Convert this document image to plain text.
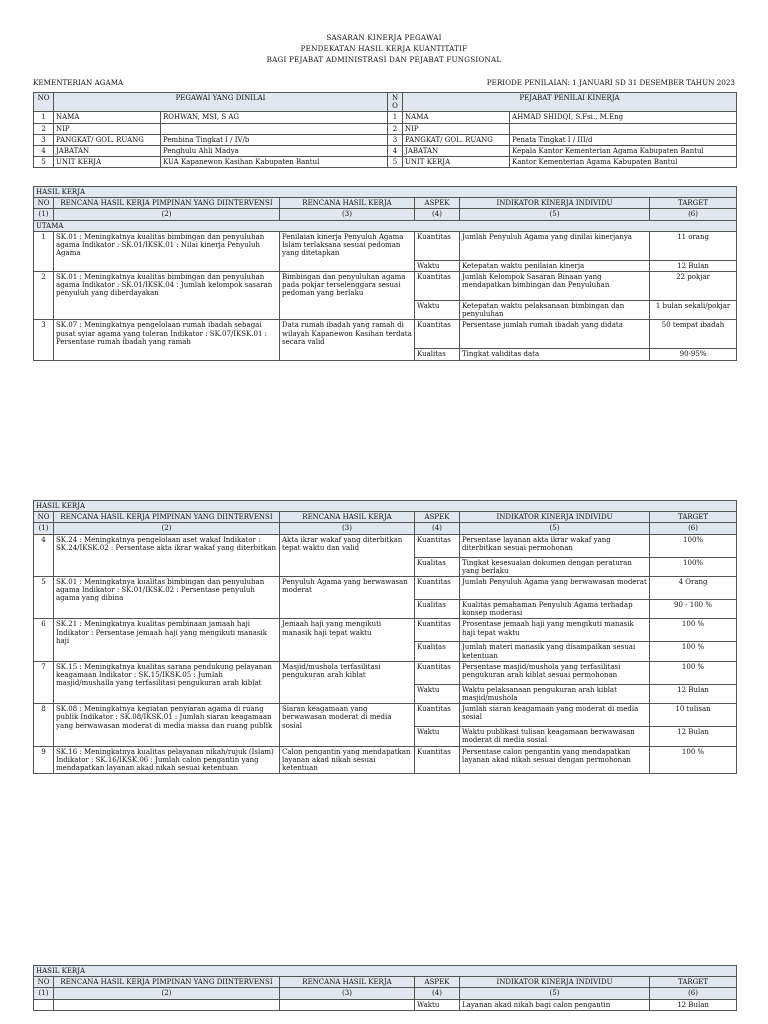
SASARAN KINERJA PEGAWAI
PENDEKATAN HASIL KERJA KUANTITATIF
BAGI PEJABAT ADMINISTRASI DAN PEJABAT FUNGSIONAL
KEMENTERIAN AGAMA	PERIODE PENILAIAN: 1 JANUARI SD 31 DESEMBER TAHUN 2023
NO	PEGAWAI YANG DINILAI		NO	PEJABAT PENILAI KINERJA	
1	NAMA	ROHWAN, MSI, S AG	1	NAMA	AHMAD SHIDQI, S.Fsi., M.Eng
2	NIP		2	NIP	
3	PANGKAT/ GOL. RUANG	Pembina Tingkat I / IV/b	3	PANGKAT/ GOL. RUANG	Penata Tingkat I / III/d
4	JABATAN	Penghulu Ahli Madya	4	JABATAN	Kepala Kantor Kementerian Agama Kabupaten Bantul
5	UNIT KERJA	KUA Kapanewon Kasihan Kabupaten Bantul	5	UNIT KERJA	Kantor Kementerian Agama Kabupaten Bantul
HASIL KERJA					
NO	RENCANA HASIL KERJA PIMPINAN YANG DIINTERVENSI	RENCANA HASIL KERJA	ASPEK	INDIKATOR KINERJA INDIVIDU	TARGET
(1)	(2)	(3)	(4)	(5)	(6)
UTAMA					
1	SK.01 : Meningkatnya kualitas bimbingan dan penyuluhan agama Indikator : SK.01/IKSK.01 : Nilai kinerja Penyuluh Agama	Penilaian kinerja Penyuluh Agama Islam terlaksana sesuai pedoman yang ditetapkan	Kuantitas	Jumlah Penyuluh Agama yang dinilai kinerjanya	11 orang
			Waktu	Ketepatan waktu penilaian kinerja	12 Bulan
2	SK.01 : Meningkatnya kualitas bimbingan dan penyuluhan agama Indikator : SK.01/IKSK.04 : Jumlah kelompok sasaran penyuluh yang diberdayakan	Bimbingan dan penyuluhan agama pada pokjar terselenggara sesuai pedoman yang berlaku	Kuantitas	Jumlah Kelompok Sasaran Binaan yang mendapatkan bimbingan dan Penyuluhan	22 pokjar
			Waktu	Ketepatan waktu pelaksanaan bimbingan dan penyuluhan	1 bulan sekali/pokjar
3	SK.07 : Meningkatnya pengelolaan rumah ibadah sebagai pusat syiar agama yang toleran Indikator : SK.07/IKSK.01 : Persentase rumah ibadah yang ramah	Data rumah ibadah yang ramah di wilayah Kapanewon Kasihan terdata secara valid	Kuantitas	Persentase jumlah rumah ibadah yang didata	50 tempat ibadah
			Kualitas	Tingkat validitas data	90-95%
HASIL KERJA					
NO	RENCANA HASIL KERJA PIMPINAN YANG DIINTERVENSI	RENCANA HASIL KERJA	ASPEK	INDIKATOR KINERJA INDIVIDU	TARGET
(1)	(2)	(3)	(4)	(5)	(6)
4	SK.24 : Meningkatnya pengelolaan aset wakaf Indikator : SK.24/IKSK.02 : Persentase akta ikrar wakaf yang diterbitkan	Akta ikrar wakaf yang diterbitkan tepat waktu dan valid	Kuantitas	Persentase layanan akta ikrar wakaf yang diterbitkan sesuai permohonan	100%
			Kualitas	Tingkat kesesuaian dokumen dengan peraturan yang berlaku	100%
5	SK.01 : Meningkatnya kualitas bimbingan dan penyuluhan agama Indikator : SK.01/IKSK.02 : Persentase penyuluh agama yang dibina	Penyuluh Agama yang berwawasan moderat	Kuantitas	Jumlah Penyuluh Agama yang berwawasan moderat	4 Orang
			Kualitas	Kualitas pemahaman Penyuluh Agama terhadap konsep moderasi	90 - 100 %
6	SK.21 : Meningkatnya kualitas pembinaan jamaah haji Indikator : Persentase jemaah haji yang mengikuti manasik haji	Jemaah haji yang mengikuti manasik haji tepat waktu	Kuantitas	Prosentase jemaah haji yang mengikuti manasik haji tepat waktu	100 %
			Kualitas	Jumlah materi manasik yang disampaikan sesuai ketentuan	100 %
7	SK.15 : Meningkatnya kualitas sarana pendukung pelayanan keagamaan Indikator : SK.15/IKSK.05 : Jumlah masjid/mushalla yang terfasilitasi pengukuran arah kiblat	Masjid/mushola terfasilitasi pengukuran arah kiblat	Kuantitas	Persentase masjid/mushola yang terfasilitasi pengukuran arah kiblat sesuai permohonan	100 %
			Waktu	Waktu pelaksanaan pengukuran arah kiblat masjid/mushola	12 Bulan
8	SK.08 : Meningkatnya kegiatan penyiaran agama di ruang publik Indikator : SK.08/IKSK.01 : Jumlah siaran keagamaan yang berwawasan moderat di media massa dan ruang publik	Siaran keagamaan yang berwawasan moderat di media sosial	Kuantitas	Jumlah siaran keagamaan yang moderat di media sosial	10 tulisan
			Waktu	Waktu publikasi tulisan keagamaan berwawasan moderat di media sosial	12 Bulan
9	SK.16 : Meningkatnya kualitas pelayanan nikah/rujuk (Islam) Indikator : SK.16/IKSK.06 : Jumlah calon pengantin yang mendapatkan layanan akad nikah sesuai ketentuan	Calon pengantin yang mendapatkan layanan akad nikah sesuai ketentuan	Kuantitas	Persentase calon pengantin yang mendapatkan layanan akad nikah sesuai dengan permohonan	100 %
HASIL KERJA					
NO	RENCANA HASIL KERJA PIMPINAN YANG DIINTERVENSI	RENCANA HASIL KERJA	ASPEK	INDIKATOR KINERJA INDIVIDU	TARGET
(1)	(2)	(3)	(4)	(5)	(6)
			Waktu	Layanan akad nikah bagi calon pengantin	12 Bulan
